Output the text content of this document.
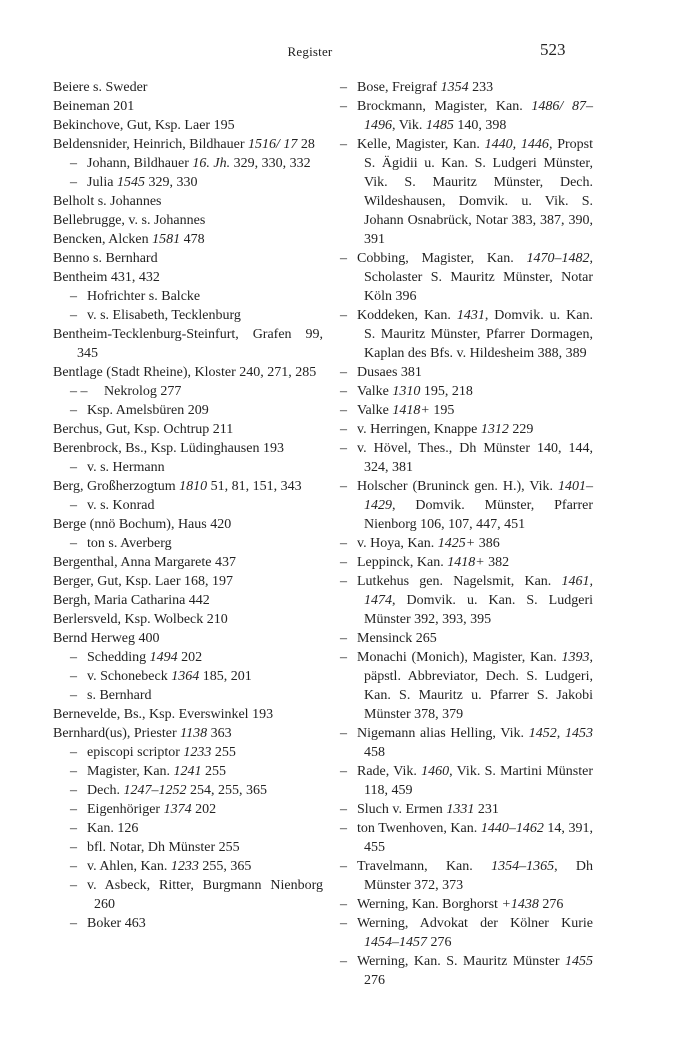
Register	523
Beiere s. Sweder
Beineman 201
Bekinchove, Gut, Ksp. Laer 195
Beldensnider, Heinrich, Bildhauer 1516/ 17 28
– Johann, Bildhauer 16. Jh. 329, 330, 332
– Julia 1545 329, 330
Belholt s. Johannes
Bellebrugge, v. s. Johannes
Bencken, Alcken 1581 478
Benno s. Bernhard
Bentheim 431, 432
– Hofrichter s. Balcke
– v. s. Elisabeth, Tecklenburg
Bentheim-Tecklenburg-Steinfurt, Grafen 99, 345
Bentlage (Stadt Rheine), Kloster 240, 271, 285
– – Nekrolog 277
– Ksp. Amelsbüren 209
Berchus, Gut, Ksp. Ochtrup 211
Berenbrock, Bs., Ksp. Lüdinghausen 193
– v. s. Hermann
Berg, Großherzogtum 1810 51, 81, 151, 343
– v. s. Konrad
Berge (nnö Bochum), Haus 420
– ton s. Averberg
Bergenthal, Anna Margarete 437
Berger, Gut, Ksp. Laer 168, 197
Bergh, Maria Catharina 442
Berlersveld, Ksp. Wolbeck 210
Bernd Herweg 400
– Schedding 1494 202
– v. Schonebeck 1364 185, 201
– s. Bernhard
Bernevelde, Bs., Ksp. Everswinkel 193
Bernhard(us), Priester 1138 363
– episcopi scriptor 1233 255
– Magister, Kan. 1241 255
– Dech. 1247–1252 254, 255, 365
– Eigenhöriger 1374 202
– Kan. 126
– bfl. Notar, Dh Münster 255
– v. Ahlen, Kan. 1233 255, 365
– v. Asbeck, Ritter, Burgmann Nienborg 260
– Boker 463
– Bose, Freigraf 1354 233
– Brockmann, Magister, Kan. 1486/ 87–1496, Vik. 1485 140, 398
– Kelle, Magister, Kan. 1440, 1446, Propst S. Ägidii u. Kan. S. Ludgeri Münster, Vik. S. Mauritz Münster, Dech. Wildeshausen, Domvik. u. Vik. S. Johann Osnabrück, Notar 383, 387, 390, 391
– Cobbing, Magister, Kan. 1470–1482, Scholaster S. Mauritz Münster, Notar Köln 396
– Koddeken, Kan. 1431, Domvik. u. Kan. S. Mauritz Münster, Pfarrer Dormagen, Kaplan des Bfs. v. Hildesheim 388, 389
– Dusaes 381
– Valke 1310 195, 218
– Valke 1418+ 195
– v. Herringen, Knappe 1312 229
– v. Hövel, Thes., Dh Münster 140, 144, 324, 381
– Holscher (Bruninck gen. H.), Vik. 1401–1429, Domvik. Münster, Pfarrer Nienborg 106, 107, 447, 451
– v. Hoya, Kan. 1425+ 386
– Leppinck, Kan. 1418+ 382
– Lutkehus gen. Nagelsmit, Kan. 1461, 1474, Domvik. u. Kan. S. Ludgeri Münster 392, 393, 395
– Mensinck 265
– Monachi (Monich), Magister, Kan. 1393, päpstl. Abbreviator, Dech. S. Ludgeri, Kan. S. Mauritz u. Pfarrer S. Jakobi Münster 378, 379
– Nigemann alias Helling, Vik. 1452, 1453 458
– Rade, Vik. 1460, Vik. S. Martini Münster 118, 459
– Sluch v. Ermen 1331 231
– ton Twenhoven, Kan. 1440–1462 14, 391, 455
– Travelmann, Kan. 1354–1365, Dh Münster 372, 373
– Werning, Kan. Borghorst +1438 276
– Werning, Advokat der Kölner Kurie 1454–1457 276
– Werning, Kan. S. Mauritz Münster 1455 276
